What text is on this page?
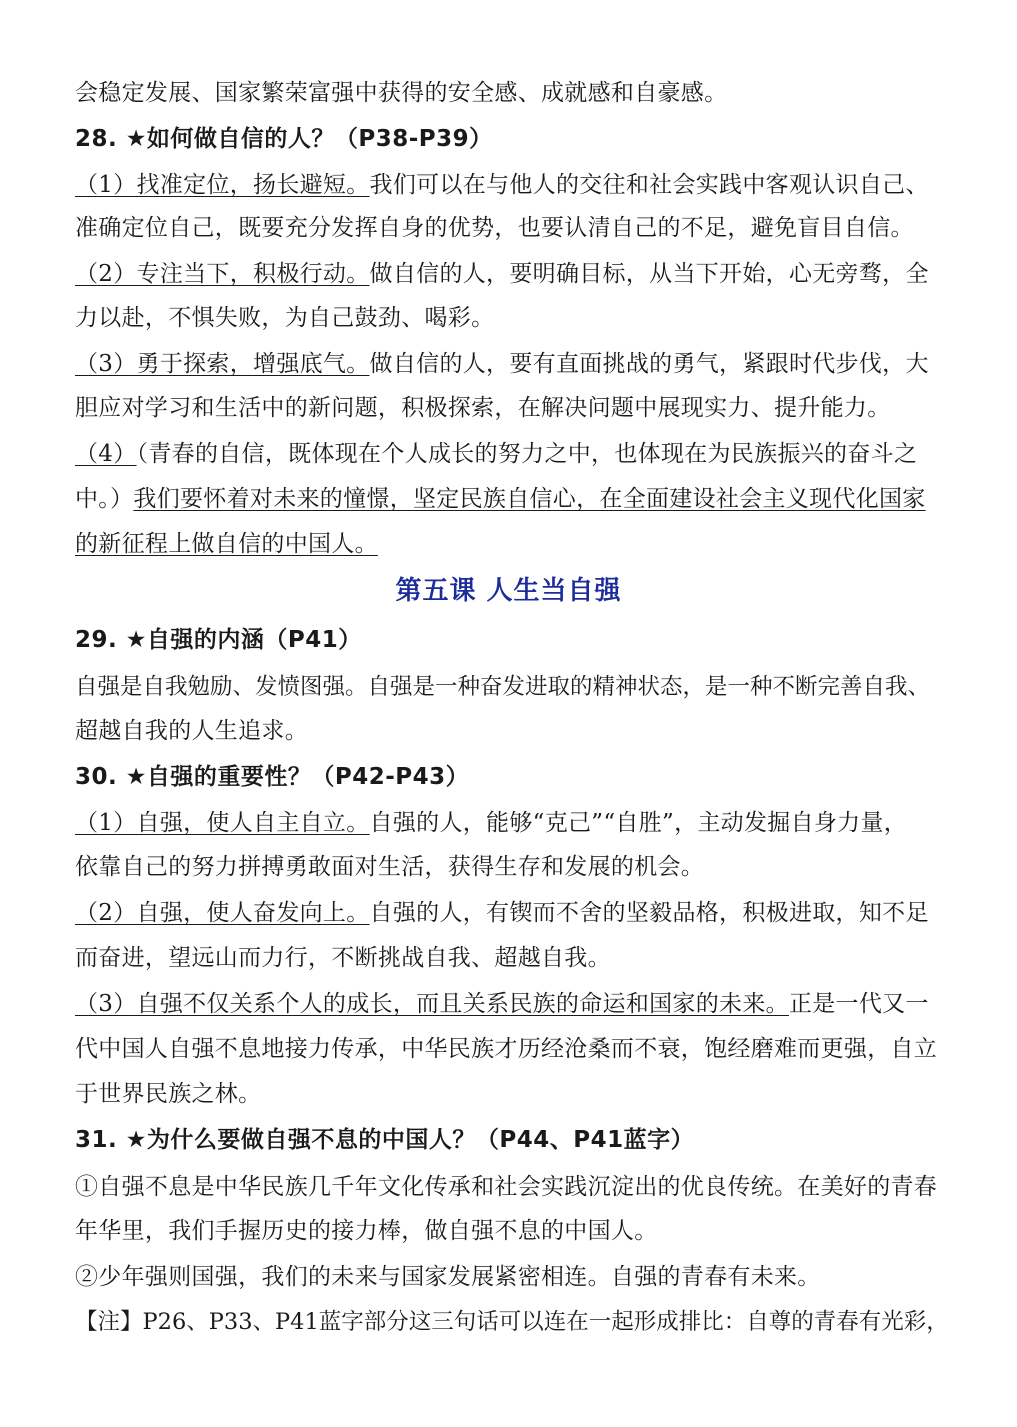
会稳定发展、国家繁荣富强中获得的安全感、成就感和自豪感。
28. ★如何做自信的人？（P38-P39）
（1）找准定位，扬长避短。我们可以在与他人的交往和社会实践中客观认识自己、
准确定位自己，既要充分发挥自身的优势，也要认清自己的不足，避免盲目自信。
（2）专注当下，积极行动。做自信的人，要明确目标，从当下开始，心无旁骛，全
力以赴，不惧失败，为自己鼓劲、喝彩。
（3）勇于探索，增强底气。做自信的人，要有直面挑战的勇气，紧跟时代步伐，大
胆应对学习和生活中的新问题，积极探索，在解决问题中展现实力、提升能力。
（4）（青春的自信，既体现在个人成长的努力之中，也体现在为民族振兴的奋斗之
中。）我们要怀着对未来的憧憬，坚定民族自信心，在全面建设社会主义现代化国家
的新征程上做自信的中国人。
第五课 人生当自强
29. ★自强的内涵（P41）
自强是自我勉励、发愤图强。自强是一种奋发进取的精神状态，是一种不断完善自我、
超越自我的人生追求。
30. ★自强的重要性？（P42-P43）
（1）自强，使人自主自立。自强的人，能够“克己”“自胜”，主动发掘自身力量，
依靠自己的努力拼搏勇敢面对生活，获得生存和发展的机会。
（2）自强，使人奋发向上。自强的人，有锲而不舍的坚毅品格，积极进取，知不足
而奋进，望远山而力行，不断挑战自我、超越自我。
（3）自强不仅关系个人的成长，而且关系民族的命运和国家的未来。正是一代又一
代中国人自强不息地接力传承，中华民族才历经沧桑而不衰，饱经磨难而更强，自立
于世界民族之林。
31. ★为什么要做自强不息的中国人？（P44、P41蓝字）
①自强不息是中华民族几千年文化传承和社会实践沉淀出的优良传统。在美好的青春
年华里，我们手握历史的接力棒，做自强不息的中国人。
②少年强则国强，我们的未来与国家发展紧密相连。自强的青春有未来。
【注】P26、P33、P41蓝字部分这三句话可以连在一起形成排比：自尊的青春有光彩，
